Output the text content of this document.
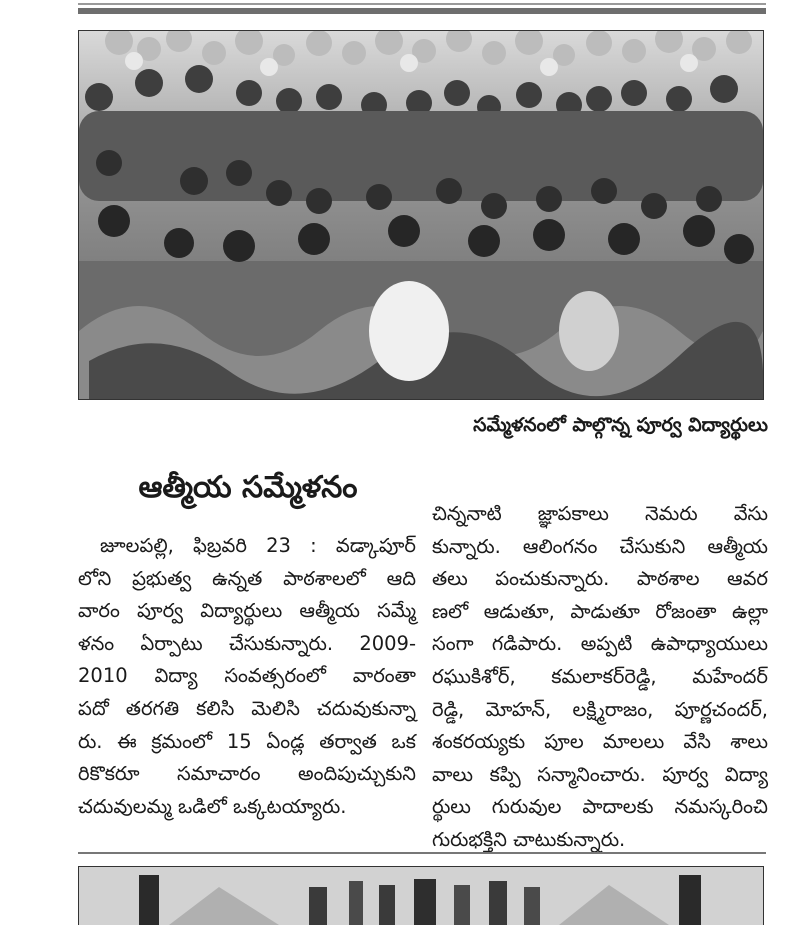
సమ్మేళనంలో పాల్గొన్న పూర్వ విద్యార్థులు
ఆత్మీయ సమ్మేళనం
జూలపల్లి, ఫిబ్రవరి 23 : వడ్కాపూర్
లోని ప్రభుత్వ ఉన్నత పాఠశాలలో ఆది
వారం పూర్వ విద్యార్థులు ఆత్మీయ సమ్మే
ళనం ఏర్పాటు చేసుకున్నారు. 2009-
2010 విద్యా సంవత్సరంలో వారంతా
పదో తరగతి కలిసి మెలిసి చదువుకున్నా
రు. ఈ క్రమంలో 15 ఏండ్ల తర్వాత ఒక
రికొకరూ సమాచారం అందిపుచ్చుకుని
చదువులమ్మ ఒడిలో ఒక్కటయ్యారు.
చిన్ననాటి జ్ఞాపకాలు నెమరు వేసు
కున్నారు. ఆలింగనం చేసుకుని ఆత్మీయ
తలు పంచుకున్నారు. పాఠశాల ఆవర
ణలో ఆడుతూ, పాడుతూ రోజంతా ఉల్లా
సంగా గడిపారు. అప్పటి ఉపాధ్యాయులు
రఘుకిశోర్, కమలాకర్‌రెడ్డి, మహేందర్
రెడ్డి, మోహన్, లక్ష్మిరాజం, పూర్ణచందర్,
శంకరయ్యకు పూల మాలలు వేసి శాలు
వాలు కప్పి సన్మానించారు. పూర్వ విద్యా
ర్థులు గురువుల పాదాలకు నమస్కరించి
గురుభక్తిని చాటుకున్నారు.
